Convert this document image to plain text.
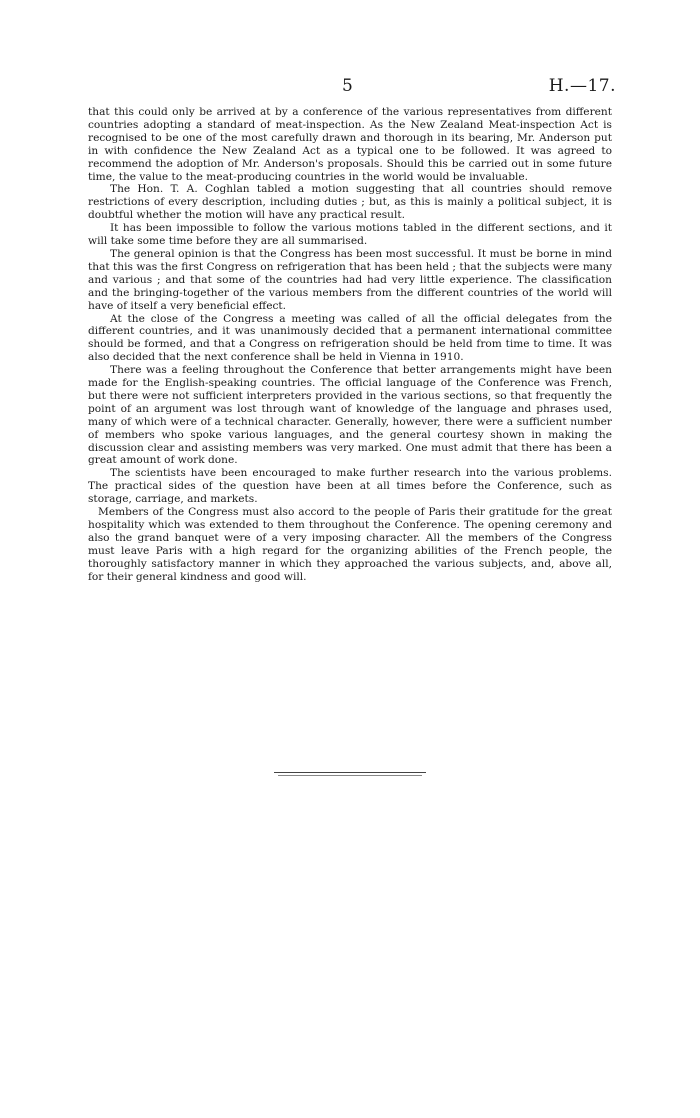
5	H.—17.

that this could only be arrived at by a conference of the various representatives from different countries adopting a standard of meat-inspection. As the New Zealand Meat-inspection Act is recognised to be one of the most carefully drawn and thorough in its bearing, Mr. Anderson put in with confidence the New Zealand Act as a typical one to be followed. It was agreed to recommend the adoption of Mr. Anderson's proposals. Should this be carried out in some future time, the value to the meat-producing countries in the world would be invaluable.

The Hon. T. A. Coghlan tabled a motion suggesting that all countries should remove restrictions of every description, including duties ; but, as this is mainly a political subject, it is doubtful whether the motion will have any practical result.

It has been impossible to follow the various motions tabled in the different sections, and it will take some time before they are all summarised.

The general opinion is that the Congress has been most successful. It must be borne in mind that this was the first Congress on refrigeration that has been held ; that the subjects were many and various ; and that some of the countries had had very little experience. The classification and the bringing-together of the various members from the different countries of the world will have of itself a very beneficial effect.

At the close of the Congress a meeting was called of all the official delegates from the different countries, and it was unanimously decided that a permanent international committee should be formed, and that a Congress on refrigeration should be held from time to time. It was also decided that the next conference shall be held in Vienna in 1910.

There was a feeling throughout the Conference that better arrangements might have been made for the English-speaking countries. The official language of the Conference was French, but there were not sufficient interpreters provided in the various sections, so that frequently the point of an argument was lost through want of knowledge of the language and phrases used, many of which were of a technical character. Generally, however, there were a sufficient number of members who spoke various languages, and the general courtesy shown in making the discussion clear and assisting members was very marked. One must admit that there has been a great amount of work done.

The scientists have been encouraged to make further research into the various problems. The practical sides of the question have been at all times before the Conference, such as storage, carriage, and markets.

Members of the Congress must also accord to the people of Paris their gratitude for the great hospitality which was extended to them throughout the Conference. The opening ceremony and also the grand banquet were of a very imposing character. All the members of the Congress must leave Paris with a high regard for the organizing abilities of the French people, the thoroughly satisfactory manner in which they approached the various subjects, and, above all, for their general kindness and good will.
